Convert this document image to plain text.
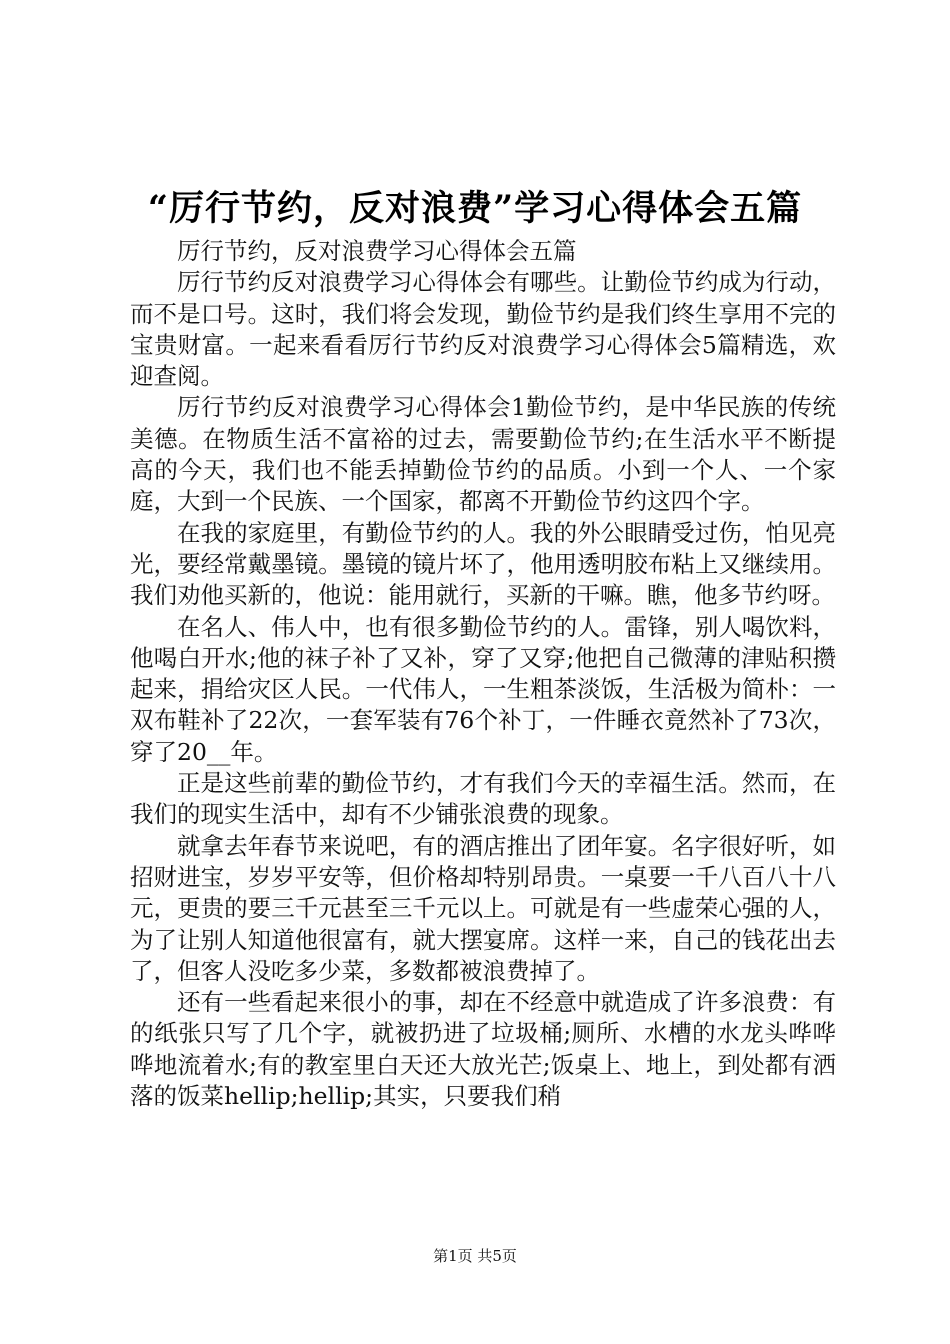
“厉行节约，反对浪费”学习心得体会五篇

厉行节约，反对浪费学习心得体会五篇

厉行节约反对浪费学习心得体会有哪些。让勤俭节约成为行动，而不是口号。这时，我们将会发现，勤俭节约是我们终生享用不完的宝贵财富。一起来看看厉行节约反对浪费学习心得体会5篇精选，欢迎查阅。

厉行节约反对浪费学习心得体会1勤俭节约，是中华民族的传统美德。在物质生活不富裕的过去，需要勤俭节约;在生活水平不断提高的今天，我们也不能丢掉勤俭节约的品质。小到一个人、一个家庭，大到一个民族、一个国家，都离不开勤俭节约这四个字。

在我的家庭里，有勤俭节约的人。我的外公眼睛受过伤，怕见亮光，要经常戴墨镜。墨镜的镜片坏了，他用透明胶布粘上又继续用。我们劝他买新的，他说：能用就行，买新的干嘛。瞧，他多节约呀。

在名人、伟人中，也有很多勤俭节约的人。雷锋，别人喝饮料，他喝白开水;他的袜子补了又补，穿了又穿;他把自己微薄的津贴积攒起来，捐给灾区人民。一代伟人，一生粗茶淡饭，生活极为简朴：一双布鞋补了22次，一套军装有76个补丁，一件睡衣竟然补了73次，穿了20__年。

正是这些前辈的勤俭节约，才有我们今天的幸福生活。然而，在我们的现实生活中，却有不少铺张浪费的现象。

就拿去年春节来说吧，有的酒店推出了团年宴。名字很好听，如招财进宝，岁岁平安等，但价格却特别昂贵。一桌要一千八百八十八元，更贵的要三千元甚至三千元以上。可就是有一些虚荣心强的人，为了让别人知道他很富有，就大摆宴席。这样一来，自己的钱花出去了，但客人没吃多少菜，多数都被浪费掉了。

还有一些看起来很小的事，却在不经意中就造成了许多浪费：有的纸张只写了几个字，就被扔进了垃圾桶;厕所、水槽的水龙头哗哗哗地流着水;有的教室里白天还大放光芒;饭桌上、地上，到处都有洒落的饭菜hellip;hellip;其实，只要我们稍

第1页 共5页
